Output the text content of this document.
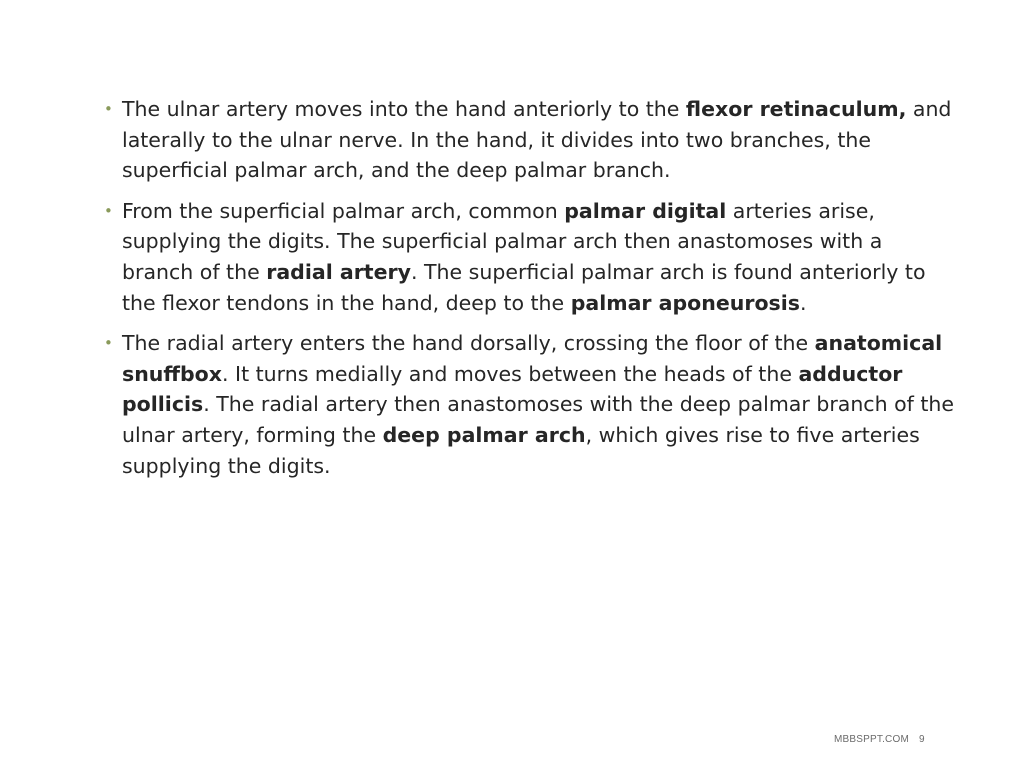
• The ulnar artery moves into the hand anteriorly to the flexor retinaculum, and laterally to the ulnar nerve. In the hand, it divides into two branches, the superficial palmar arch, and the deep palmar branch.
• From the superficial palmar arch, common palmar digital arteries arise, supplying the digits. The superficial palmar arch then anastomoses with a branch of the radial artery. The superficial palmar arch is found anteriorly to the flexor tendons in the hand, deep to the palmar aponeurosis.
• The radial artery enters the hand dorsally, crossing the floor of the anatomical snuffbox. It turns medially and moves between the heads of the adductor pollicis. The radial artery then anastomoses with the deep palmar branch of the ulnar artery, forming the deep palmar arch, which gives rise to five arteries supplying the digits.
MBBSPPT.COM 9
